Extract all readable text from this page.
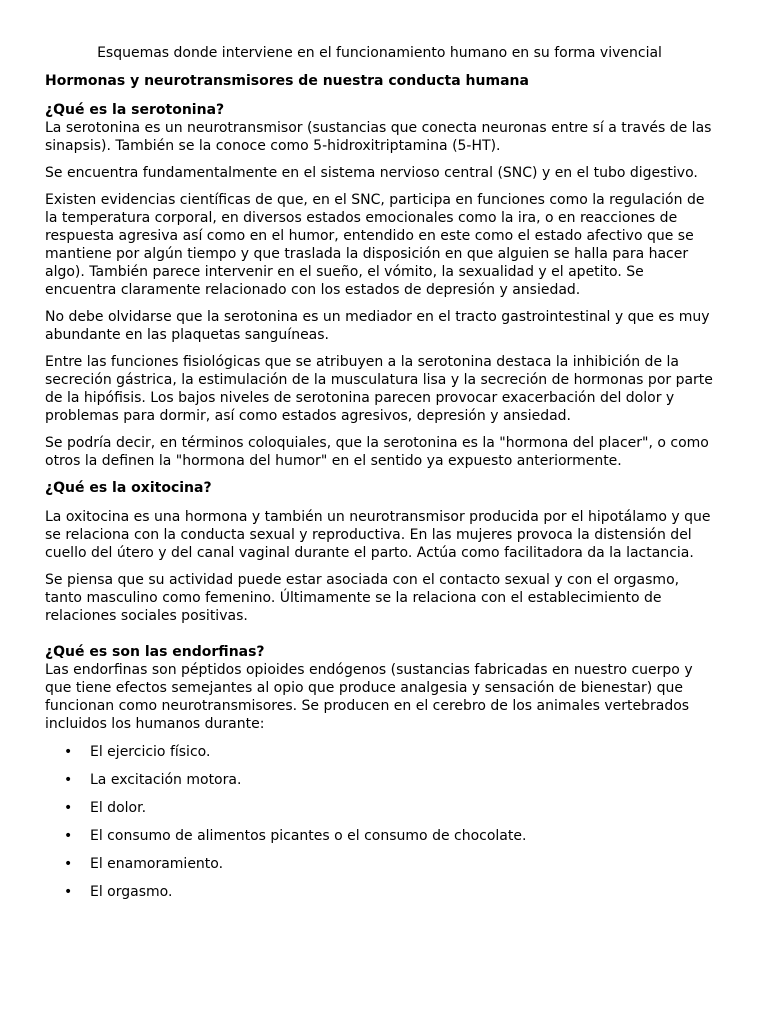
Esquemas donde interviene en el funcionamiento humano en su forma vivencial

Hormonas y neurotransmisores de nuestra conducta humana

¿Qué es la serotonina?

La serotonina es un neurotransmisor (sustancias que conecta neuronas entre sí a través de las sinapsis). También se la conoce como 5-hidroxitriptamina (5-HT).

Se encuentra fundamentalmente en el sistema nervioso central (SNC) y en el tubo digestivo.

Existen evidencias científicas de que, en el SNC, participa en funciones como la regulación de la temperatura corporal, en diversos estados emocionales como la ira, o en reacciones de respuesta agresiva así como en el humor, entendido en este como el estado afectivo que se mantiene por algún tiempo y que traslada la disposición en que alguien se halla para hacer algo). También parece intervenir en el sueño, el vómito, la sexualidad y el apetito. Se encuentra claramente relacionado con los estados de depresión y ansiedad.

No debe olvidarse que la serotonina es un mediador en el tracto gastrointestinal y que es muy abundante en las plaquetas sanguíneas.

Entre las funciones fisiológicas que se atribuyen a la serotonina destaca la inhibición de la secreción gástrica, la estimulación de la musculatura lisa y la secreción de hormonas por parte de la hipófisis. Los bajos niveles de serotonina parecen provocar exacerbación del dolor y problemas para dormir, así como estados agresivos, depresión y ansiedad.

Se podría decir, en términos coloquiales, que la serotonina es la "hormona del placer", o como otros la definen la "hormona del humor" en el sentido ya expuesto anteriormente.

¿Qué es la oxitocina?

La oxitocina es una hormona y también un neurotransmisor producida por el hipotálamo y que se relaciona con la conducta sexual y reproductiva. En las mujeres provoca la distensión del cuello del útero y del canal vaginal durante el parto. Actúa como facilitadora da la lactancia.

Se piensa que su actividad puede estar asociada con el contacto sexual y con el orgasmo, tanto masculino como femenino. Últimamente se la relaciona con el establecimiento de relaciones sociales positivas.

¿Qué es son las endorfinas?

Las endorfinas son péptidos opioides endógenos (sustancias fabricadas en nuestro cuerpo y que tiene efectos semejantes al opio que produce analgesia y sensación de bienestar) que funcionan como neurotransmisores. Se producen en el cerebro de los animales vertebrados incluidos los humanos durante:

• El ejercicio físico.
• La excitación motora.
• El dolor.
• El consumo de alimentos picantes o el consumo de chocolate.
• El enamoramiento.
• El orgasmo.
